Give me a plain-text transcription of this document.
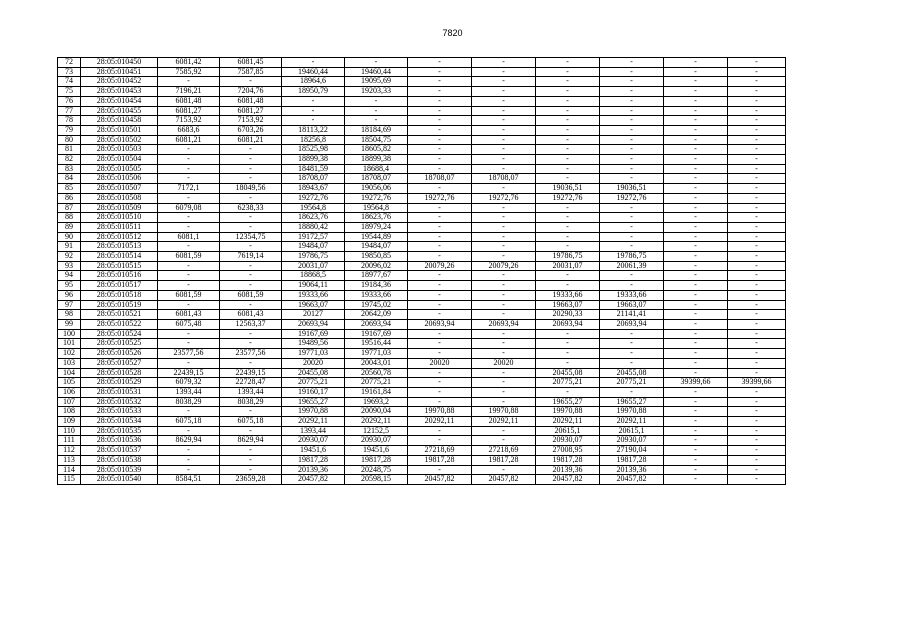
7820
72	28:05:010450	6081,42	6081,45	-	-	-	-	-	-	-	-
73	28:05:010451	7585,92	7587,85	19460,44	19460,44	-	-	-	-	-	-
74	28:05:010452	-	-	18964,6	19095,69	-	-	-	-	-	-
75	28:05:010453	7196,21	7204,76	18950,79	19203,33	-	-	-	-	-	-
76	28:05:010454	6081,48	6081,48	-	-	-	-	-	-	-	-
77	28:05:010455	6081,27	6081,27	-	-	-	-	-	-	-	-
78	28:05:010458	7153,92	7153,92	-	-	-	-	-	-	-	-
79	28:05:010501	6683,6	6703,26	18113,22	18184,69	-	-	-	-	-	-
80	28:05:010502	6081,21	6081,21	18256,8	18504,75	-	-	-	-	-	-
81	28:05:010503	-	-	18525,98	18605,82	-	-	-	-	-	-
82	28:05:010504	-	-	18899,38	18899,38	-	-	-	-	-	-
83	28:05:010505	-	-	18481,59	18688,4	-	-	-	-	-	-
84	28:05:010506	-	-	18708,07	18708,07	18708,07	18708,07	-	-	-	-
85	28:05:010507	7172,1	18049,56	18943,67	19056,06	-	-	19036,51	19036,51	-	-
86	28:05:010508	-	-	19272,76	19272,76	19272,76	19272,76	19272,76	19272,76	-	-
87	28:05:010509	6079,08	6238,33	19564,8	19564,8	-	-	-	-	-	-
88	28:05:010510	-	-	18623,76	18623,76	-	-	-	-	-	-
89	28:05:010511	-	-	18880,42	18979,24	-	-	-	-	-	-
90	28:05:010512	6081,1	12354,75	19172,57	19544,89	-	-	-	-	-	-
91	28:05:010513	-	-	19484,07	19484,07	-	-	-	-	-	-
92	28:05:010514	6081,59	7619,14	19786,75	19850,85	-	-	19786,75	19786,75	-	-
93	28:05:010515	-	-	20031,07	20096,02	20079,26	20079,26	20031,07	20061,39	-	-
94	28:05:010516	-	-	18868,5	18977,67	-	-	-	-	-	-
95	28:05:010517	-	-	19064,11	19184,36	-	-	-	-	-	-
96	28:05:010518	6081,59	6081,59	19333,66	19333,66	-	-	19333,66	19333,66	-	-
97	28:05:010519	-	-	19663,07	19745,02	-	-	19663,07	19663,07	-	-
98	28:05:010521	6081,43	6081,43	20127	20642,09	-	-	20290,33	21141,41	-	-
99	28:05:010522	6075,48	12563,37	20693,94	20693,94	20693,94	20693,94	20693,94	20693,94	-	-
100	28:05:010524	-	-	19167,69	19167,69	-	-	-	-	-	-
101	28:05:010525	-	-	19489,56	19516,44	-	-	-	-	-	-
102	28:05:010526	23577,56	23577,56	19771,03	19771,03	-	-	-	-	-	-
103	28:05:010527	-	-	20020	20043,01	20020	20020	-	-	-	-
104	28:05:010528	22439,15	22439,15	20455,08	20560,78	-	-	20455,08	20455,08	-	-
105	28:05:010529	6079,32	22728,47	20775,21	20775,21	-	-	20775,21	20775,21	39399,66	39399,66
106	28:05:010531	1393,44	1393,44	19160,17	19161,84	-	-	-	-	-	-
107	28:05:010532	8038,29	8038,29	19655,27	19693,2	-	-	19655,27	19655,27	-	-
108	28:05:010533	-	-	19970,88	20090,04	19970,88	19970,88	19970,88	19970,88	-	-
109	28:05:010534	6075,18	6075,18	20292,11	20292,11	20292,11	20292,11	20292,11	20292,11	-	-
110	28:05:010535	-	-	1393,44	12152,5	-	-	20615,1	20615,1	-	-
111	28:05:010536	8629,94	8629,94	20930,07	20930,07	-	-	20930,07	20930,07	-	-
112	28:05:010537	-	-	19451,6	19451,6	27218,69	27218,69	27008,95	27190,04	-	-
113	28:05:010538	-	-	19817,28	19817,28	19817,28	19817,28	19817,28	19817,28	-	-
114	28:05:010539	-	-	20139,36	20248,75	-	-	20139,36	20139,36	-	-
115	28:05:010540	8584,51	23659,28	20457,82	20598,15	20457,82	20457,82	20457,82	20457,82	-	-
